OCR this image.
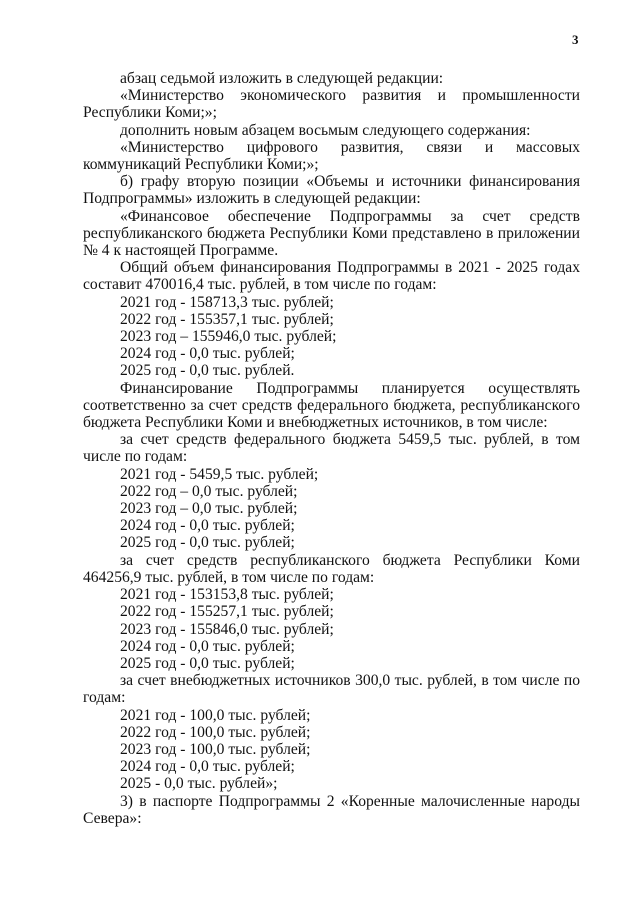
3

абзац седьмой изложить в следующей редакции:

«Министерство экономического развития и промышленности Республики Коми;»;

дополнить новым абзацем восьмым следующего содержания:

«Министерство цифрового развития, связи и массовых коммуникаций Республики Коми;»;

б) графу вторую позиции «Объемы и источники финансирования Подпрограммы» изложить в следующей редакции:

«Финансовое обеспечение Подпрограммы за счет средств республиканского бюджета Республики Коми представлено в приложении № 4 к настоящей Программе.

Общий объем финансирования Подпрограммы в 2021 - 2025 годах составит 470016,4 тыс. рублей, в том числе по годам:

2021 год - 158713,3 тыс. рублей;

2022 год - 155357,1 тыс. рублей;

2023 год – 155946,0 тыс. рублей;

2024 год - 0,0 тыс. рублей;

2025 год - 0,0 тыс. рублей.

Финансирование Подпрограммы планируется осуществлять соответственно за счет средств федерального бюджета, республиканского бюджета Республики Коми и внебюджетных источников, в том числе:

за счет средств федерального бюджета 5459,5 тыс. рублей, в том числе по годам:

2021 год - 5459,5 тыс. рублей;

2022 год – 0,0 тыс. рублей;

2023 год – 0,0 тыс. рублей;

2024 год - 0,0 тыс. рублей;

2025 год - 0,0 тыс. рублей;

за счет средств республиканского бюджета Республики Коми 464256,9 тыс. рублей, в том числе по годам:

2021 год - 153153,8 тыс. рублей;

2022 год - 155257,1 тыс. рублей;

2023 год - 155846,0 тыс. рублей;

2024 год - 0,0 тыс. рублей;

2025 год - 0,0 тыс. рублей;

за счет внебюджетных источников 300,0 тыс. рублей, в том числе по годам:

2021 год - 100,0 тыс. рублей;

2022 год - 100,0 тыс. рублей;

2023 год - 100,0 тыс. рублей;

2024 год - 0,0 тыс. рублей;

2025 - 0,0 тыс. рублей»;

3) в паспорте Подпрограммы 2 «Коренные малочисленные народы Севера»:
